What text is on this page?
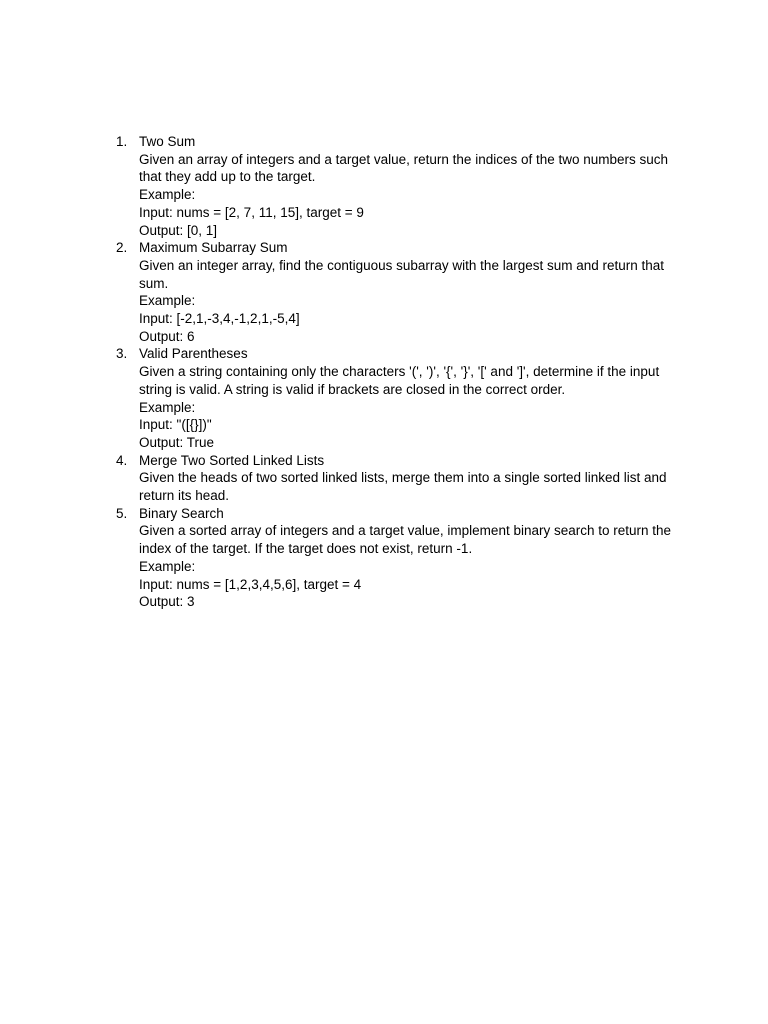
1. Two Sum
Given an array of integers and a target value, return the indices of the two numbers such that they add up to the target.
Example:
Input: nums = [2, 7, 11, 15], target = 9
Output: [0, 1]
2. Maximum Subarray Sum
Given an integer array, find the contiguous subarray with the largest sum and return that sum.
Example:
Input: [-2,1,-3,4,-1,2,1,-5,4]
Output: 6
3. Valid Parentheses
Given a string containing only the characters '(', ')', '{', '}', '[' and ']', determine if the input string is valid. A string is valid if brackets are closed in the correct order.
Example:
Input: "([{}])"
Output: True
4. Merge Two Sorted Linked Lists
Given the heads of two sorted linked lists, merge them into a single sorted linked list and return its head.
5. Binary Search
Given a sorted array of integers and a target value, implement binary search to return the index of the target. If the target does not exist, return -1.
Example:
Input: nums = [1,2,3,4,5,6], target = 4
Output: 3
